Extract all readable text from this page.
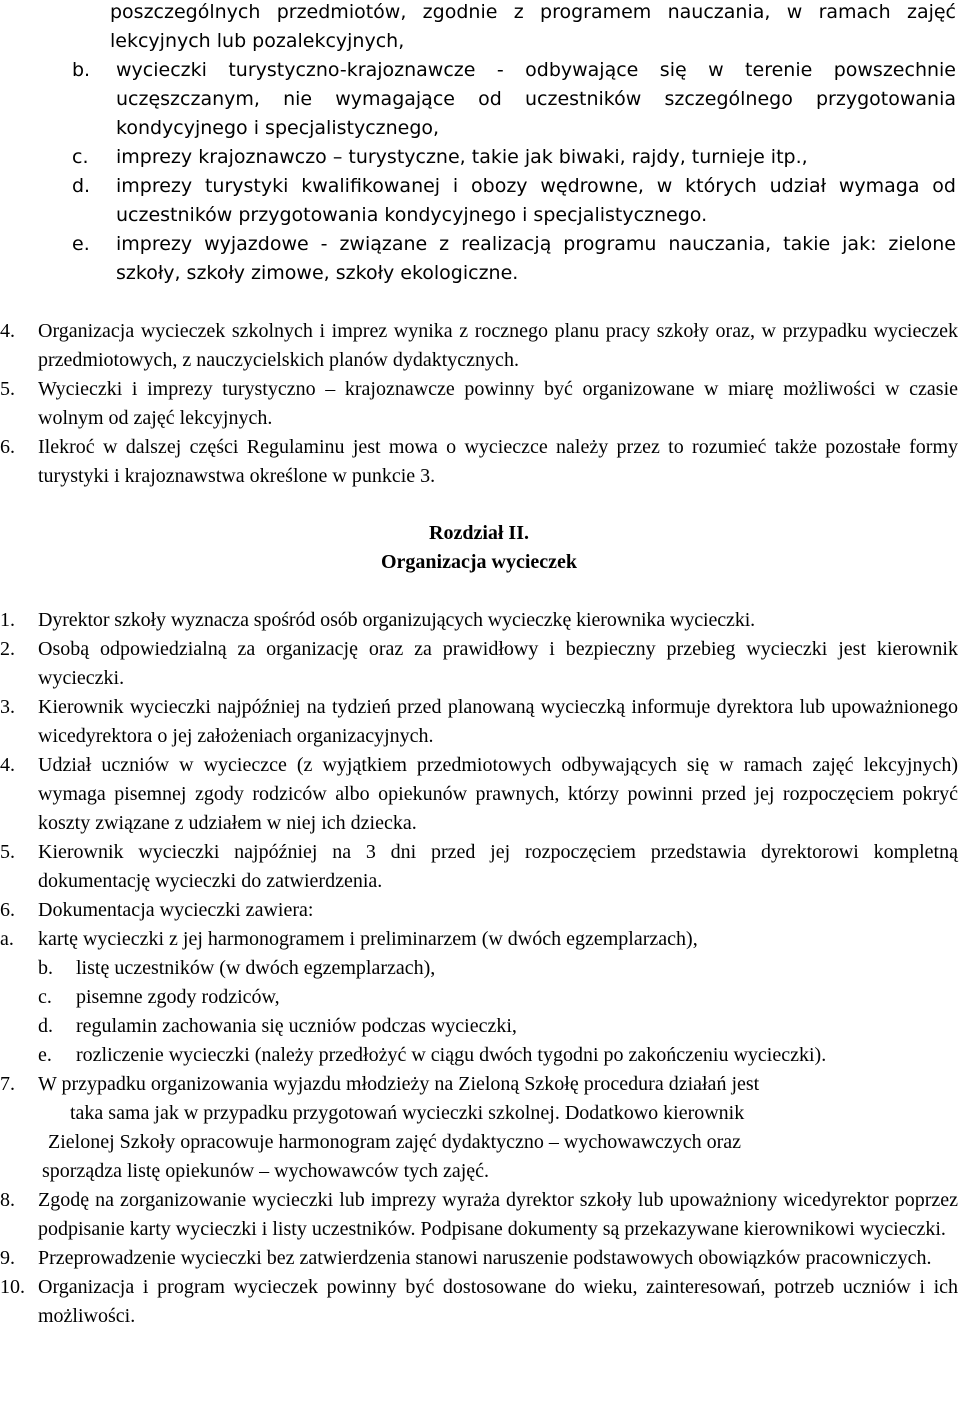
poszczególnych przedmiotów, zgodnie z programem nauczania, w ramach zajęć lekcyjnych lub pozalekcyjnych,
b.	wycieczki turystyczno-krajoznawcze - odbywające się w terenie powszechnie uczęszczanym, nie wymagające od uczestników szczególnego przygotowania kondycyjnego i specjalistycznego,
c.	imprezy krajoznawczo – turystyczne, takie jak biwaki, rajdy, turnieje itp.,
d.	imprezy turystyki kwalifikowanej i obozy wędrowne, w których udział wymaga od uczestników przygotowania kondycyjnego i specjalistycznego.
e.	imprezy wyjazdowe - związane z realizacją programu nauczania, takie jak: zielone szkoły, szkoły zimowe, szkoły ekologiczne.
4.	Organizacja wycieczek szkolnych i imprez wynika z rocznego planu pracy szkoły oraz, w przypadku wycieczek przedmiotowych, z nauczycielskich planów dydaktycznych.
5.	Wycieczki i imprezy turystyczno – krajoznawcze powinny być organizowane w miarę możliwości w czasie wolnym od zajęć lekcyjnych.
6.	Ilekroć w dalszej części Regulaminu jest mowa o wycieczce należy przez to rozumieć także pozostałe formy turystyki i krajoznawstwa określone w punkcie 3.
Rozdział II.
Organizacja wycieczek
1.	Dyrektor szkoły wyznacza spośród osób organizujących wycieczkę kierownika wycieczki.
2.	Osobą odpowiedzialną za organizację oraz za prawidłowy i bezpieczny przebieg wycieczki jest kierownik wycieczki.
3.	Kierownik wycieczki najpóźniej na tydzień przed planowaną wycieczką informuje dyrektora lub upoważnionego wicedyrektora o jej założeniach organizacyjnych.
4.	Udział uczniów w wycieczce (z wyjątkiem przedmiotowych odbywających się w ramach zajęć lekcyjnych) wymaga pisemnej zgody rodziców albo opiekunów prawnych, którzy powinni przed jej rozpoczęciem pokryć koszty związane z udziałem w niej ich dziecka.
5.	Kierownik wycieczki najpóźniej na 3 dni przed jej rozpoczęciem przedstawia dyrektorowi kompletną dokumentację wycieczki do zatwierdzenia.
6.	Dokumentacja wycieczki zawiera:
a.	kartę wycieczki z jej harmonogramem i preliminarzem (w dwóch egzemplarzach),
b.	listę uczestników (w dwóch egzemplarzach),
c.	pisemne zgody rodziców,
d.	regulamin zachowania się uczniów podczas wycieczki,
e.	rozliczenie wycieczki (należy przedłożyć w ciągu dwóch tygodni po zakończeniu wycieczki).
7.	W przypadku organizowania wyjazdu młodzieży na Zieloną Szkołę procedura działań jest
taka sama jak w przypadku przygotowań wycieczki szkolnej. Dodatkowo kierownik
Zielonej Szkoły opracowuje harmonogram zajęć dydaktyczno – wychowawczych oraz
sporządza listę opiekunów – wychowawców tych zajęć.
8.	Zgodę na zorganizowanie wycieczki lub imprezy wyraża dyrektor szkoły lub upoważniony wicedyrektor poprzez podpisanie karty wycieczki i listy uczestników. Podpisane dokumenty są przekazywane kierownikowi wycieczki.
9.	Przeprowadzenie wycieczki bez zatwierdzenia stanowi naruszenie podstawowych obowiązków pracowniczych.
10. Organizacja i program wycieczek powinny być dostosowane do wieku, zainteresowań, potrzeb uczniów i ich możliwości.
